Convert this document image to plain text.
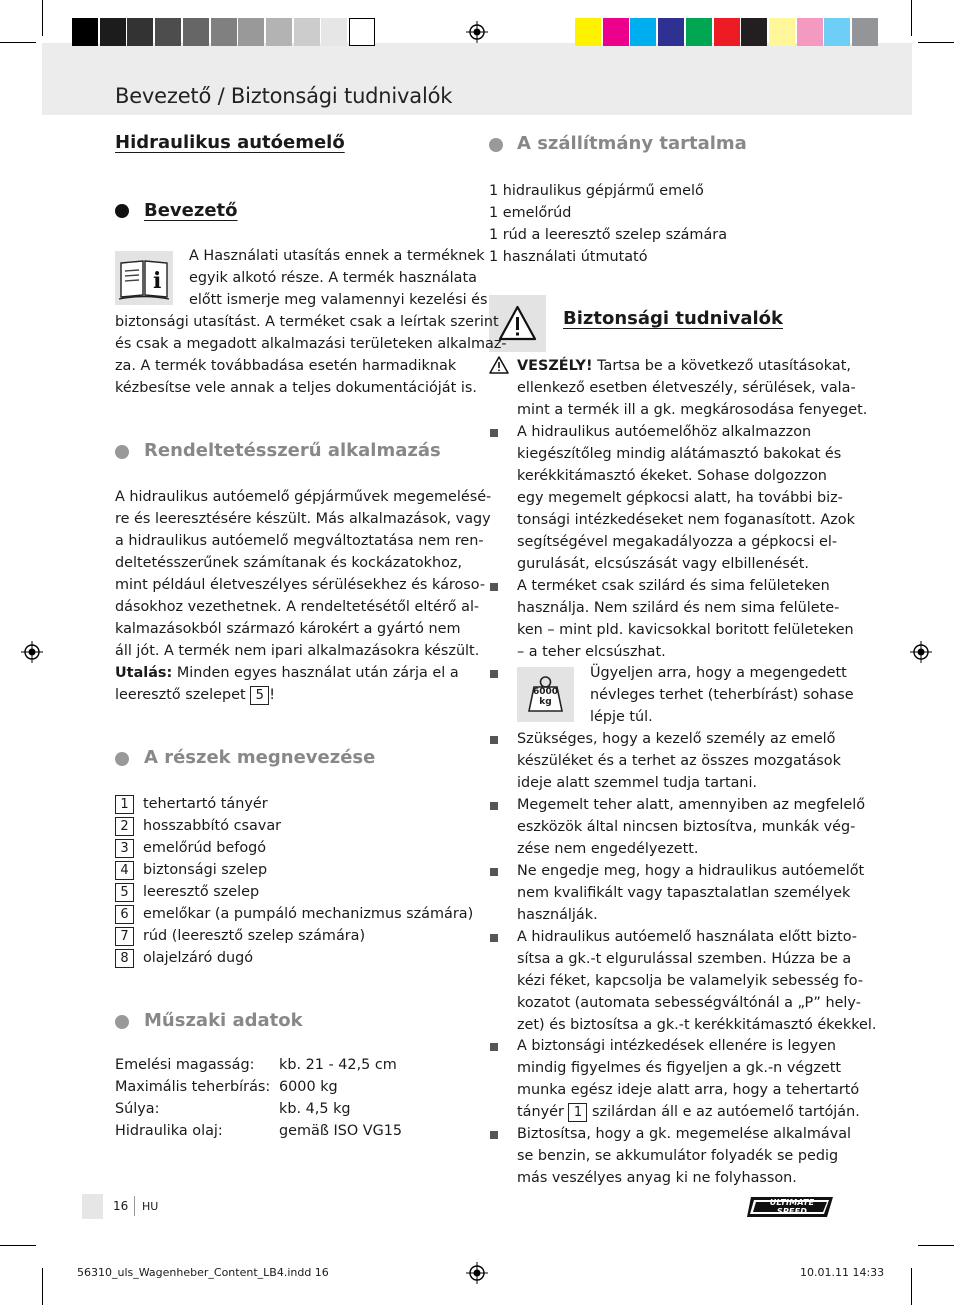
Bevezető / Biztonsági tudnivalók
Hidraulikus autóemelő
Bevezető
i
Rendeltetésszerű alkalmazás
Utalás: Minden egyes használat után zárja el a
leeresztő szelepet 5 !
A részek megnevezése
Műszaki adatok
A szállítmány tartalma
Biztonsági tudnivalók
6000
kg
16 HU	ULTIMATE SPEED
56310_uls_Wagenheber_Content_LB4.indd 16	10.01.11 14:33
A Használati utasítás ennek a terméknek
egyik alkotó része. A termék használata
előtt ismerje meg valamennyi kezelési és
biztonsági utasítást. A terméket csak a leírtak szerint
és csak a megadott alkalmazási területeken alkalmaz-
za. A termék továbbadása esetén harmadiknak
kézbesítse vele annak a teljes dokumentációját is.
A hidraulikus autóemelő gépjárművek megemelésé-
re és leeresztésére készült. Más alkalmazások, vagy
a hidraulikus autóemelő megváltoztatása nem ren-
deltetésszerűnek számítanak és kockázatokhoz,
mint például életveszélyes sérülésekhez és károso-
dásokhoz vezethetnek. A rendeltetésétől eltérő al-
kalmazásokból származó károkért a gyártó nem
áll jót. A termék nem ipari alkalmazásokra készült.
1 tehertartó tányér
2 hosszabbító csavar
3 emelőrúd befogó
4 biztonsági szelep
5 leeresztő szelep
6 emelőkar (a pumpáló mechanizmus számára)
7 rúd (leeresztő szelep számára)
8 olajelzáró dugó
Emelési magasság: kb. 21 - 42,5 cm
Maximális teherbírás: 6000 kg
Súlya:	kb. 4,5 kg
Hidraulika olaj:	gemäß ISO VG15
1 hidraulikus gépjármű emelő
1 emelőrúd
1 rúd a leeresztő szelep számára
1 használati útmutató
VESZÉLY! Tartsa be a következő utasításokat,
ellenkező esetben életveszély, sérülések, vala-
mint a termék ill a gk. megkárosodása fenyeget.
A hidraulikus autóemelőhöz alkalmazzon
kiegészítőleg mindig alátámasztó bakokat és
kerékkitámasztó ékeket. Sohase dolgozzon
egy megemelt gépkocsi alatt, ha további biz-
tonsági intézkedéseket nem foganasított. Azok
segítségével megakadályozza a gépkocsi el-
gurulását, elcsúszását vagy elbillenését.
A terméket csak szilárd és sima felületeken
használja. Nem szilárd és nem sima felülete-
ken – mint pld. kavicsokkal boritott felületeken
– a teher elcsúszhat.
Ügyeljen arra, hogy a megengedett
névleges terhet (teherbírást) sohase
lépje túl.
Szükséges, hogy a kezelő személy az emelő
készüléket és a terhet az összes mozgatások
ideje alatt szemmel tudja tartani.
Megemelt teher alatt, amennyiben az megfelelő
eszközök által nincsen biztosítva, munkák vég-
zése nem engedélyezett.
Ne engedje meg, hogy a hidraulikus autóemelőt
nem kvalifikált vagy tapasztalatlan személyek
használják.
A hidraulikus autóemelő használata előtt bizto-
sítsa a gk.-t elgurulással szemben. Húzza be a
kézi féket, kapcsolja be valamelyik sebesség fo-
kozatot (automata sebességváltónál a „P” hely-
zet) és biztosítsa a gk.-t kerékkitámasztó ékekkel.
A biztonsági intézkedések ellenére is legyen
mindig figyelmes és figyeljen a gk.-n végzett
munka egész ideje alatt arra, hogy a tehertartó
tányér 1 szilárdan áll e az autóemelő tartóján.
Biztosítsa, hogy a gk. megemelése alkalmával
se benzin, se akkumulátor folyadék se pedig
más veszélyes anyag ki ne folyhasson.
